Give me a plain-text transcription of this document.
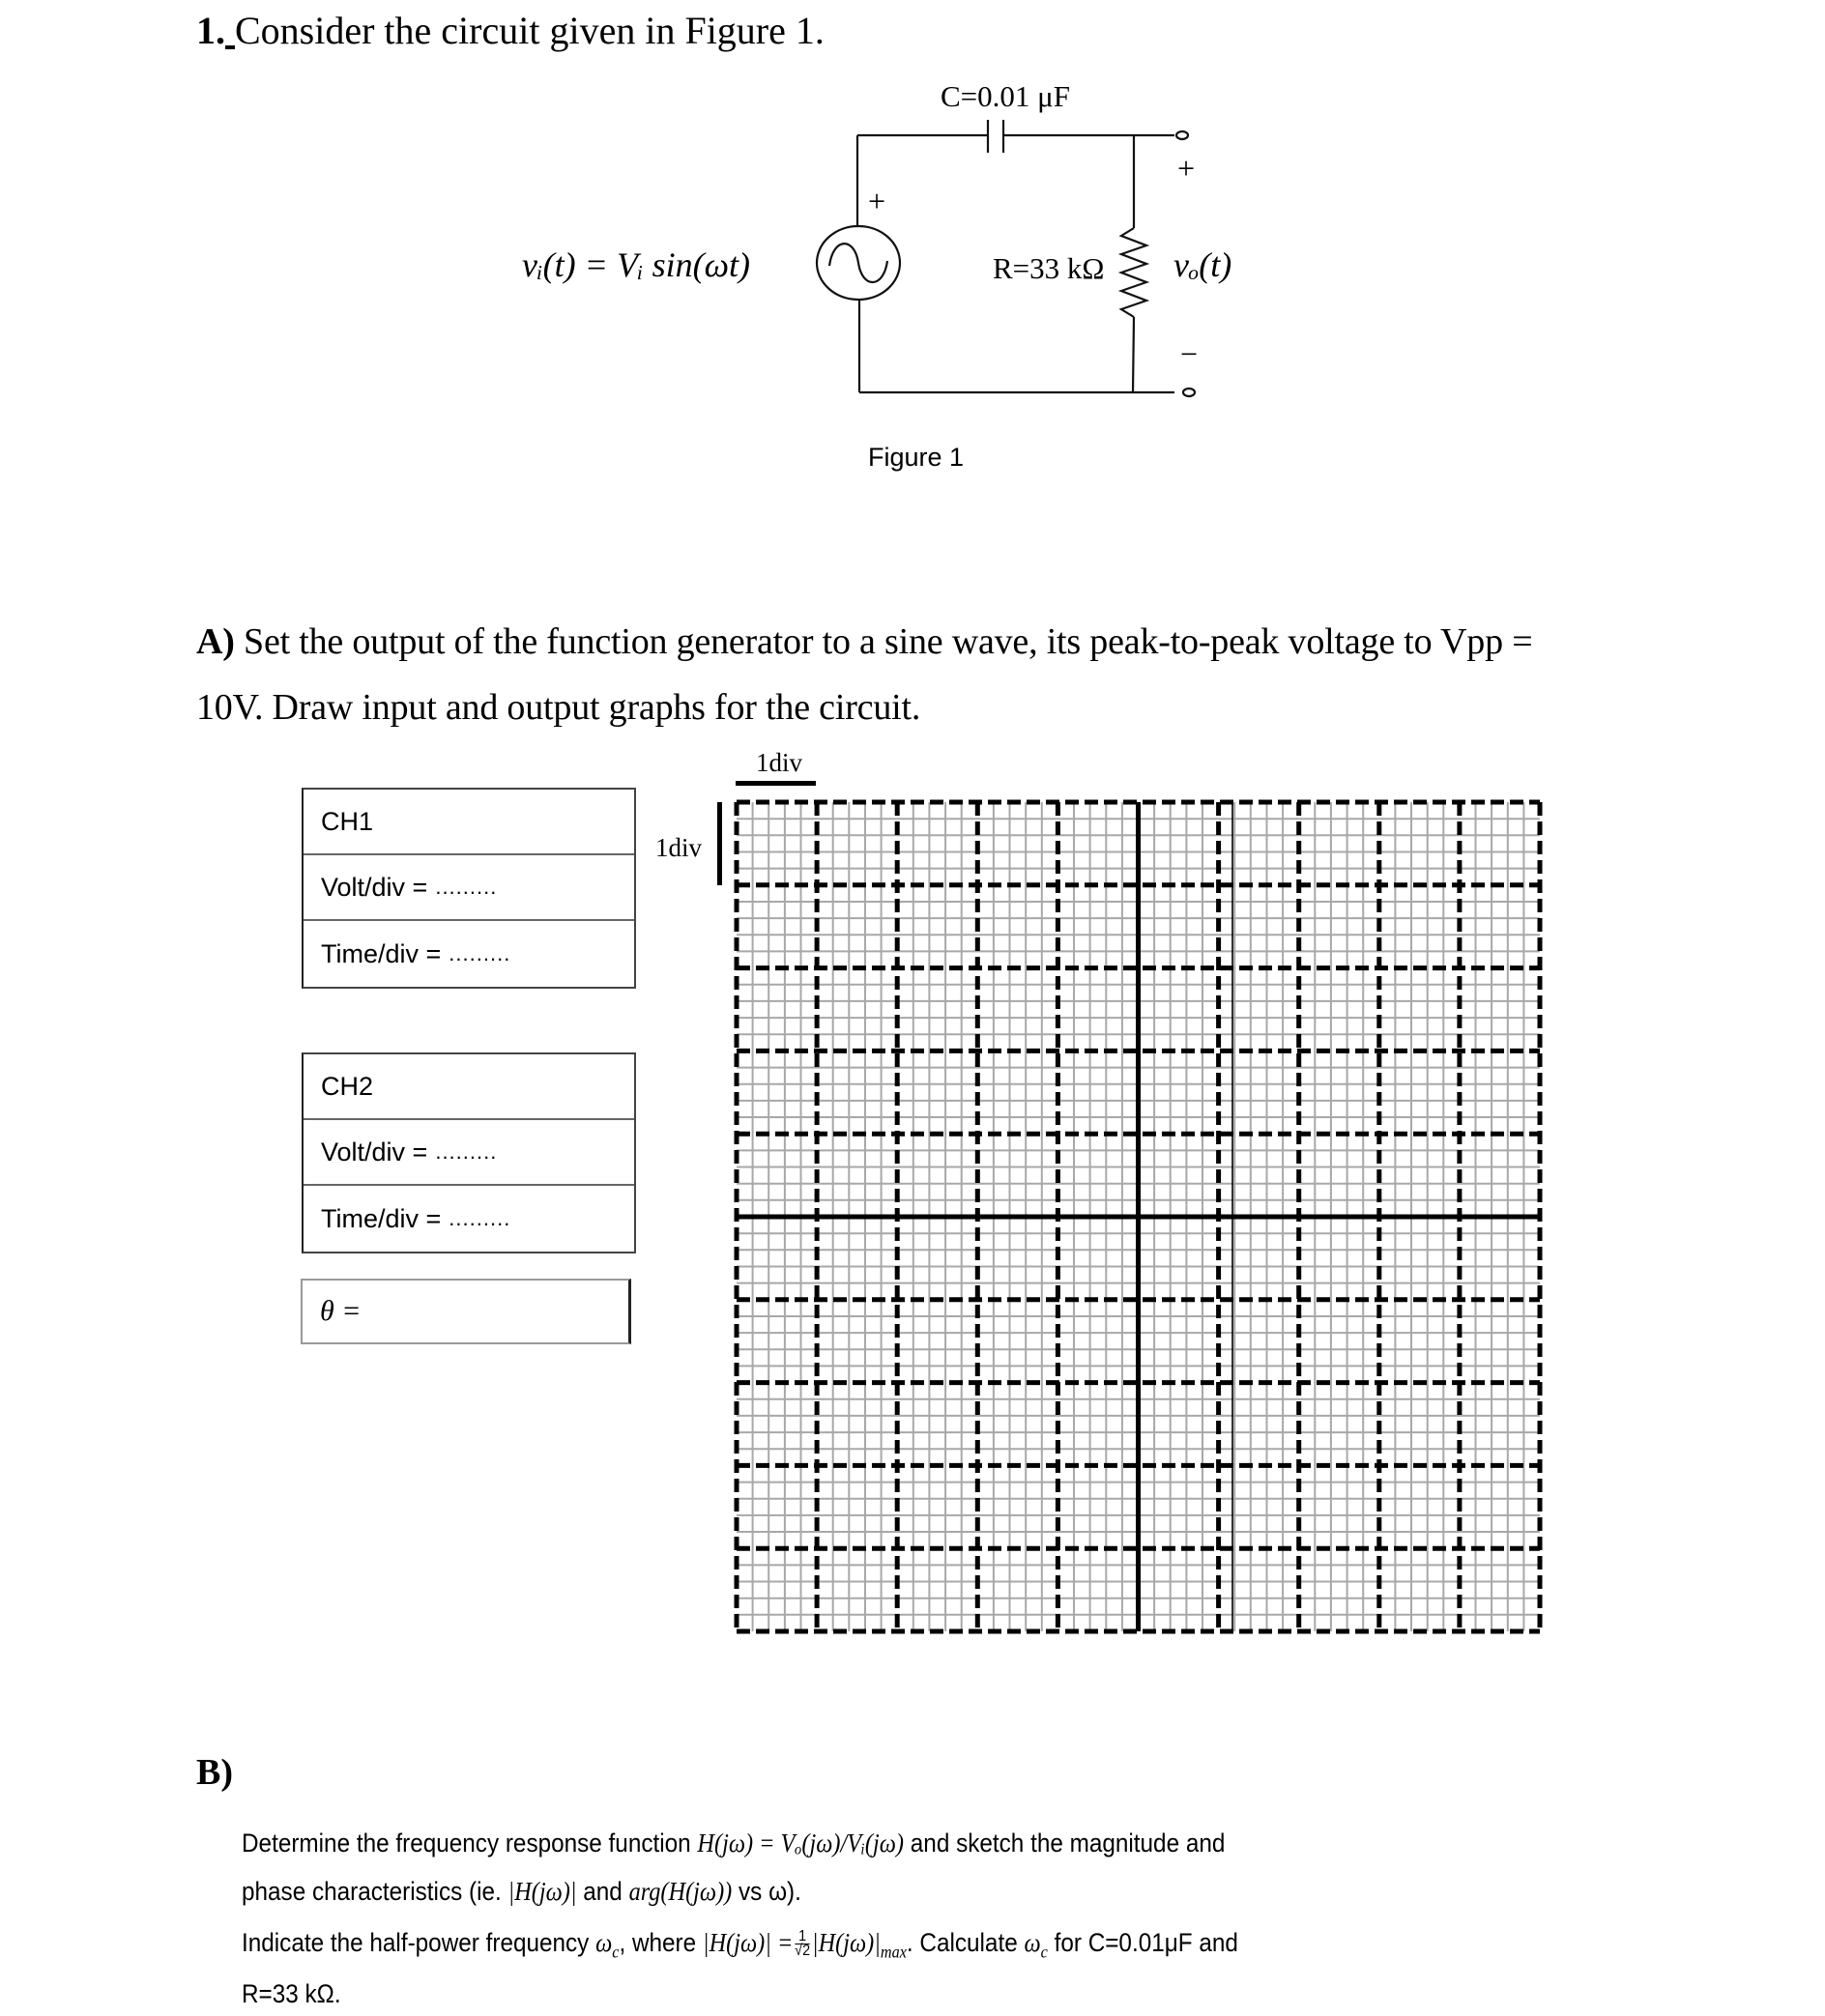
1. Consider the circuit given in Figure 1.
C=0.01 μF
+
+
−
R=33 kΩ
vᵢ(t) = Vᵢ sin(ωt)	vₒ(t)
Figure 1
A) Set the output of the function generator to a sine wave, its peak-to-peak voltage to Vpp =
10V. Draw input and output graphs for the circuit.
CH1
Volt/div = .........
Time/div = .........
CH2
Volt/div = .........
Time/div = .........
θ =
1div
1div
B)
Determine the frequency response function H(jω) = Vₒ(jω)/Vᵢ(jω) and sketch the magnitude and
phase characteristics (ie. |H(jω)| and arg(H(jω)) vs ω).
Indicate the half-power frequency $\omega_c$, where $|H(j\omega)| = \frac{1}{√2} |H(j\omega)|_{max}$. Calculate $\omega_c$ for C=0.01μF and
R=33 kΩ.
